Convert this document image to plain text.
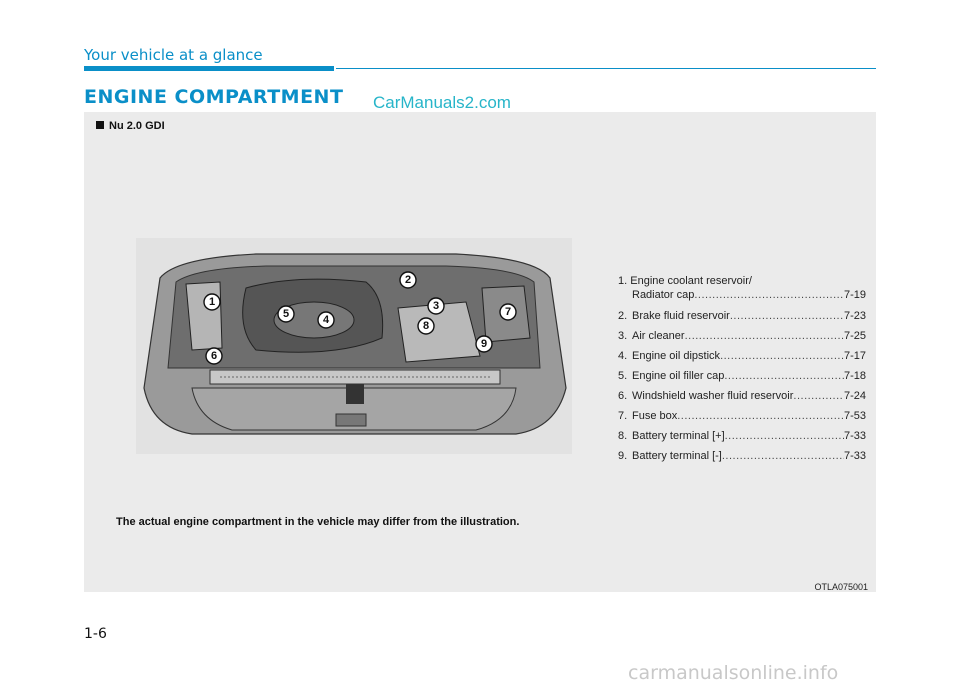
Your vehicle at a glance
ENGINE COMPARTMENT CarManuals2.com
Nu 2.0 GDI
1
2
3
4
5
6
7
8
9
1. Engine coolant reservoir/
Radiator cap .....	7-19
2. Brake fluid reservoir .....	7-23
3. Air cleaner .....	7-25
4. Engine oil dipstick .....	7-17
5. Engine oil filler cap .....	7-18
6. Windshield washer fluid reservoir .....	7-24
7. Fuse box .....	7-53
8. Battery terminal [+] .....	7-33
9. Battery terminal [-] .....	7-33
The actual engine compartment in the vehicle may differ from the illustration.
OTLA075001
1-6
carmanualsonline.info
